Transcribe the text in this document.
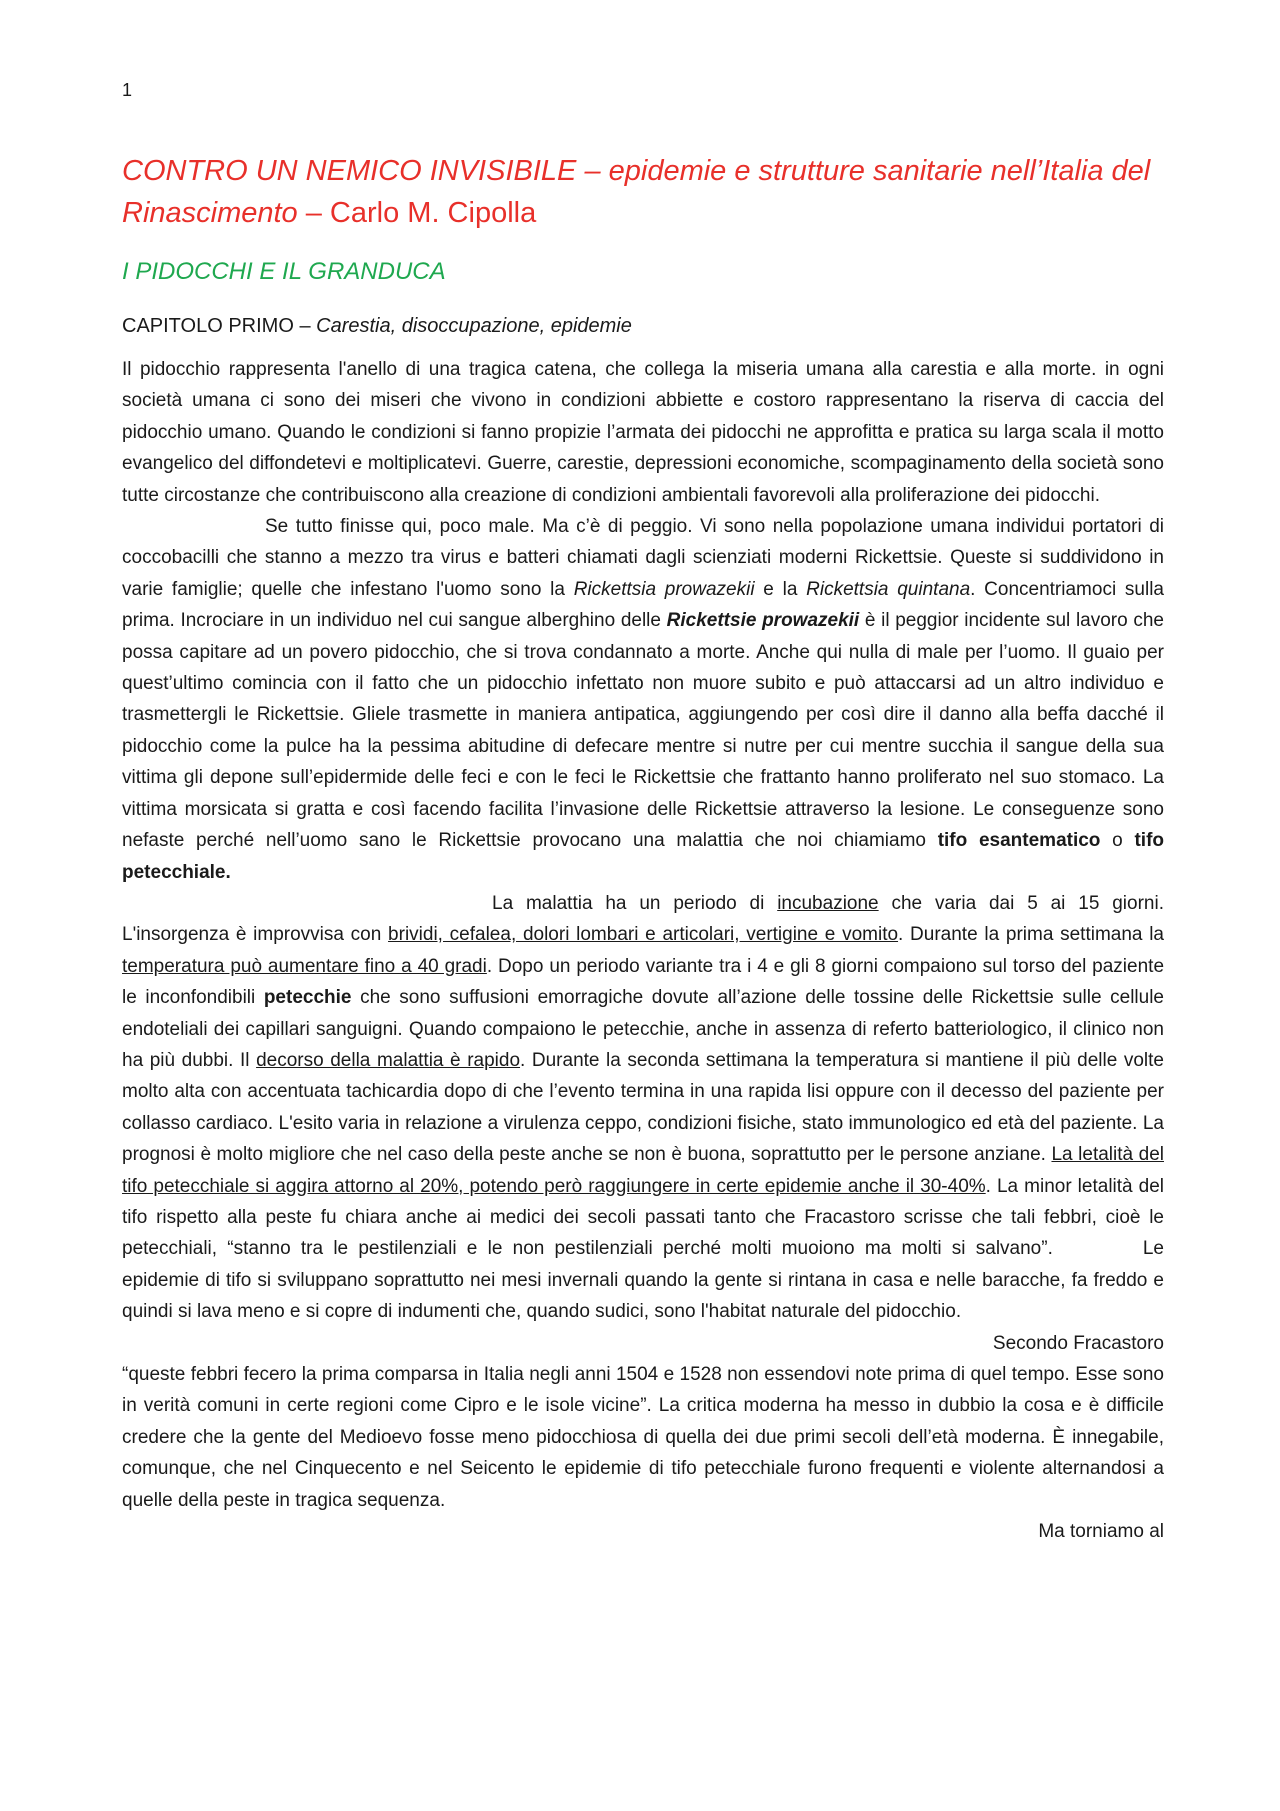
1
CONTRO UN NEMICO INVISIBILE – epidemie e strutture sanitarie nell’Italia del Rinascimento – Carlo M. Cipolla
I PIDOCCHI E IL GRANDUCA
CAPITOLO PRIMO – Carestia, disoccupazione, epidemie
Il pidocchio rappresenta l'anello di una tragica catena, che collega la miseria umana alla carestia e alla morte. in ogni società umana ci sono dei miseri che vivono in condizioni abbiette e costoro rappresentano la riserva di caccia del pidocchio umano. Quando le condizioni si fanno propizie l’armata dei pidocchi ne approfitta e pratica su larga scala il motto evangelico del diffondetevi e moltiplicatevi. Guerre, carestie, depressioni economiche, scompaginamento della società sono tutte circostanze che contribuiscono alla creazione di condizioni ambientali favorevoli alla proliferazione dei pidocchi.
Se tutto finisse qui, poco male. Ma c’è di peggio. Vi sono nella popolazione umana individui portatori di coccobacilli che stanno a mezzo tra virus e batteri chiamati dagli scienziati moderni Rickettsie. Queste si suddividono in varie famiglie; quelle che infestano l'uomo sono la Rickettsia prowazekii e la Rickettsia quintana. Concentriamoci sulla prima. Incrociare in un individuo nel cui sangue alberghino delle Rickettsie prowazekii è il peggior incidente sul lavoro che possa capitare ad un povero pidocchio, che si trova condannato a morte. Anche qui nulla di male per l’uomo. Il guaio per quest’ultimo comincia con il fatto che un pidocchio infettato non muore subito e può attaccarsi ad un altro individuo e trasmettergli le Rickettsie. Gliele trasmette in maniera antipatica, aggiungendo per così dire il danno alla beffa dacché il pidocchio come la pulce ha la pessima abitudine di defecare mentre si nutre per cui mentre succhia il sangue della sua vittima gli depone sull’epidermide delle feci e con le feci le Rickettsie che frattanto hanno proliferato nel suo stomaco. La vittima morsicata si gratta e così facendo facilita l’invasione delle Rickettsie attraverso la lesione. Le conseguenze sono nefaste perché nell’uomo sano le Rickettsie provocano una malattia che noi chiamiamo tifo esantematico o tifo petecchiale.
La malattia ha un periodo di incubazione che varia dai 5 ai 15 giorni. L'insorgenza è improvvisa con brividi, cefalea, dolori lombari e articolari, vertigine e vomito. Durante la prima settimana la temperatura può aumentare fino a 40 gradi. Dopo un periodo variante tra i 4 e gli 8 giorni compaiono sul torso del paziente le inconfondibili petecchie che sono suffusioni emorragiche dovute all’azione delle tossine delle Rickettsie sulle cellule endoteliali dei capillari sanguigni. Quando compaiono le petecchie, anche in assenza di referto batteriologico, il clinico non ha più dubbi. Il decorso della malattia è rapido. Durante la seconda settimana la temperatura si mantiene il più delle volte molto alta con accentuata tachicardia dopo di che l’evento termina in una rapida lisi oppure con il decesso del paziente per collasso cardiaco. L'esito varia in relazione a virulenza ceppo, condizioni fisiche, stato immunologico ed età del paziente. La prognosi è molto migliore che nel caso della peste anche se non è buona, soprattutto per le persone anziane. La letalità del tifo petecchiale si aggira attorno al 20%, potendo però raggiungere in certe epidemie anche il 30-40%. La minor letalità del tifo rispetto alla peste fu chiara anche ai medici dei secoli passati tanto che Fracastoro scrisse che tali febbri, cioè le petecchiali, “stanno tra le pestilenziali e le non pestilenziali perché molti muoiono ma molti si salvano”.	Le epidemie di tifo si sviluppano soprattutto nei mesi invernali quando la gente si rintana in casa e nelle baracche, fa freddo e quindi si lava meno e si copre di indumenti che, quando sudici, sono l'habitat naturale del pidocchio.
Secondo Fracastoro
“queste febbri fecero la prima comparsa in Italia negli anni 1504 e 1528 non essendovi note prima di quel tempo. Esse sono in verità comuni in certe regioni come Cipro e le isole vicine”. La critica moderna ha messo in dubbio la cosa e è difficile credere che la gente del Medioevo fosse meno pidocchiosa di quella dei due primi secoli dell’età moderna. È innegabile, comunque, che nel Cinquecento e nel Seicento le epidemie di tifo petecchiale furono frequenti e violente alternandosi a quelle della peste in tragica sequenza.
Ma torniamo al
